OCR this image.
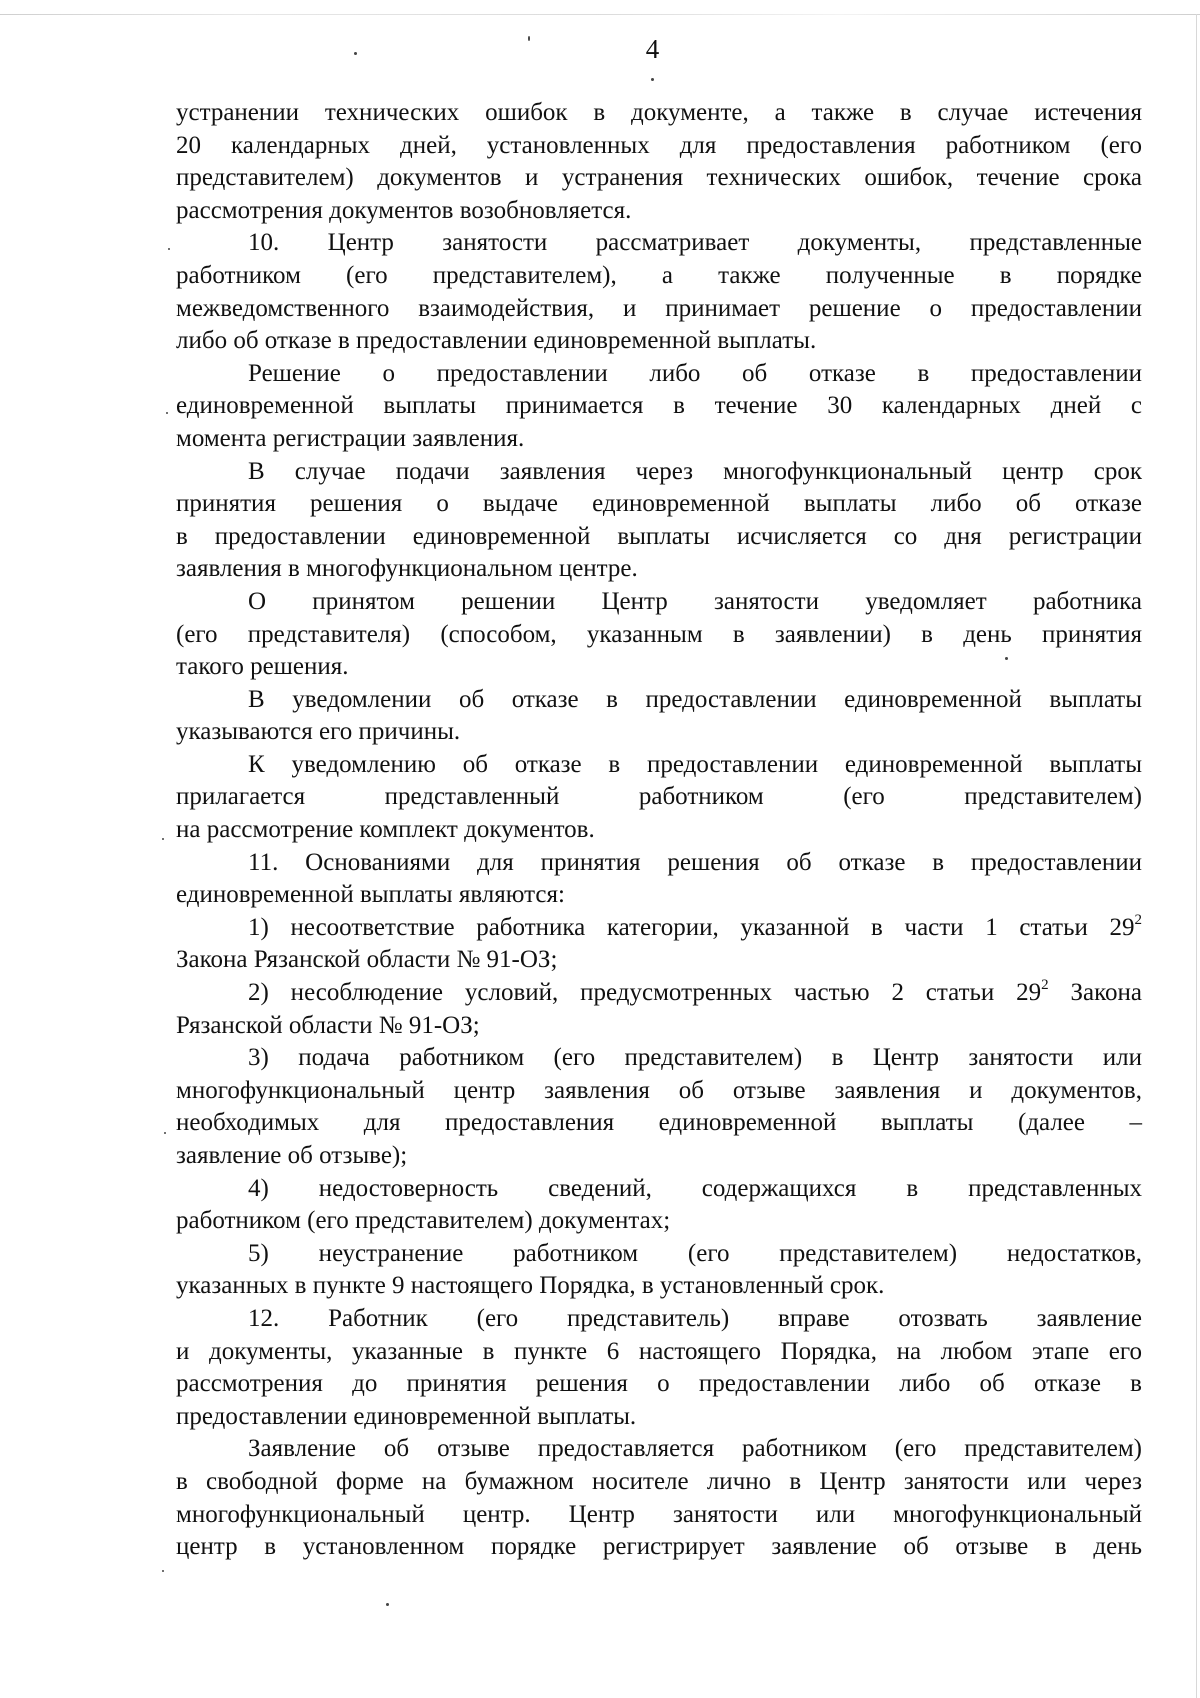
4
устранении технических ошибок в документе, а также в случае истечения
20 календарных дней, установленных для предоставления работником (его
представителем) документов и устранения технических ошибок, течение срока
рассмотрения документов возобновляется.
10. Центр занятости рассматривает документы, представленные
работником (его представителем), а также полученные в порядке
межведомственного взаимодействия, и принимает решение о предоставлении
либо об отказе в предоставлении единовременной выплаты.
Решение о предоставлении либо об отказе в предоставлении
единовременной выплаты принимается в течение 30 календарных дней с
момента регистрации заявления.
В случае подачи заявления через многофункциональный центр срок
принятия решения о выдаче единовременной выплаты либо об отказе
в предоставлении единовременной выплаты исчисляется со дня регистрации
заявления в многофункциональном центре.
О принятом решении Центр занятости уведомляет работника
(его представителя) (способом, указанным в заявлении) в день принятия
такого решения.
В уведомлении об отказе в предоставлении единовременной выплаты
указываются его причины.
К уведомлению об отказе в предоставлении единовременной выплаты
прилагается представленный работником (его представителем)
на рассмотрение комплект документов.
11. Основаниями для принятия решения об отказе в предоставлении
единовременной выплаты являются:
1) несоответствие работника категории, указанной в части 1 статьи $29^2$
Закона Рязанской области № 91-ОЗ;
2) несоблюдение условий, предусмотренных частью 2 статьи $29^2$ Закона
Рязанской области № 91-ОЗ;
3) подача работником (его представителем) в Центр занятости или
многофункциональный центр заявления об отзыве заявления и документов,
необходимых для предоставления единовременной выплаты (далее –
заявление об отзыве);
4) недостоверность сведений, содержащихся в представленных
работником (его представителем) документах;
5) неустранение работником (его представителем) недостатков,
указанных в пункте 9 настоящего Порядка, в установленный срок.
12. Работник (его представитель) вправе отозвать заявление
и документы, указанные в пункте 6 настоящего Порядка, на любом этапе его
рассмотрения до принятия решения о предоставлении либо об отказе в
предоставлении единовременной выплаты.
Заявление об отзыве предоставляется работником (его представителем)
в свободной форме на бумажном носителе лично в Центр занятости или через
многофункциональный центр. Центр занятости или многофункциональный
центр в установленном порядке регистрирует заявление об отзыве в день
